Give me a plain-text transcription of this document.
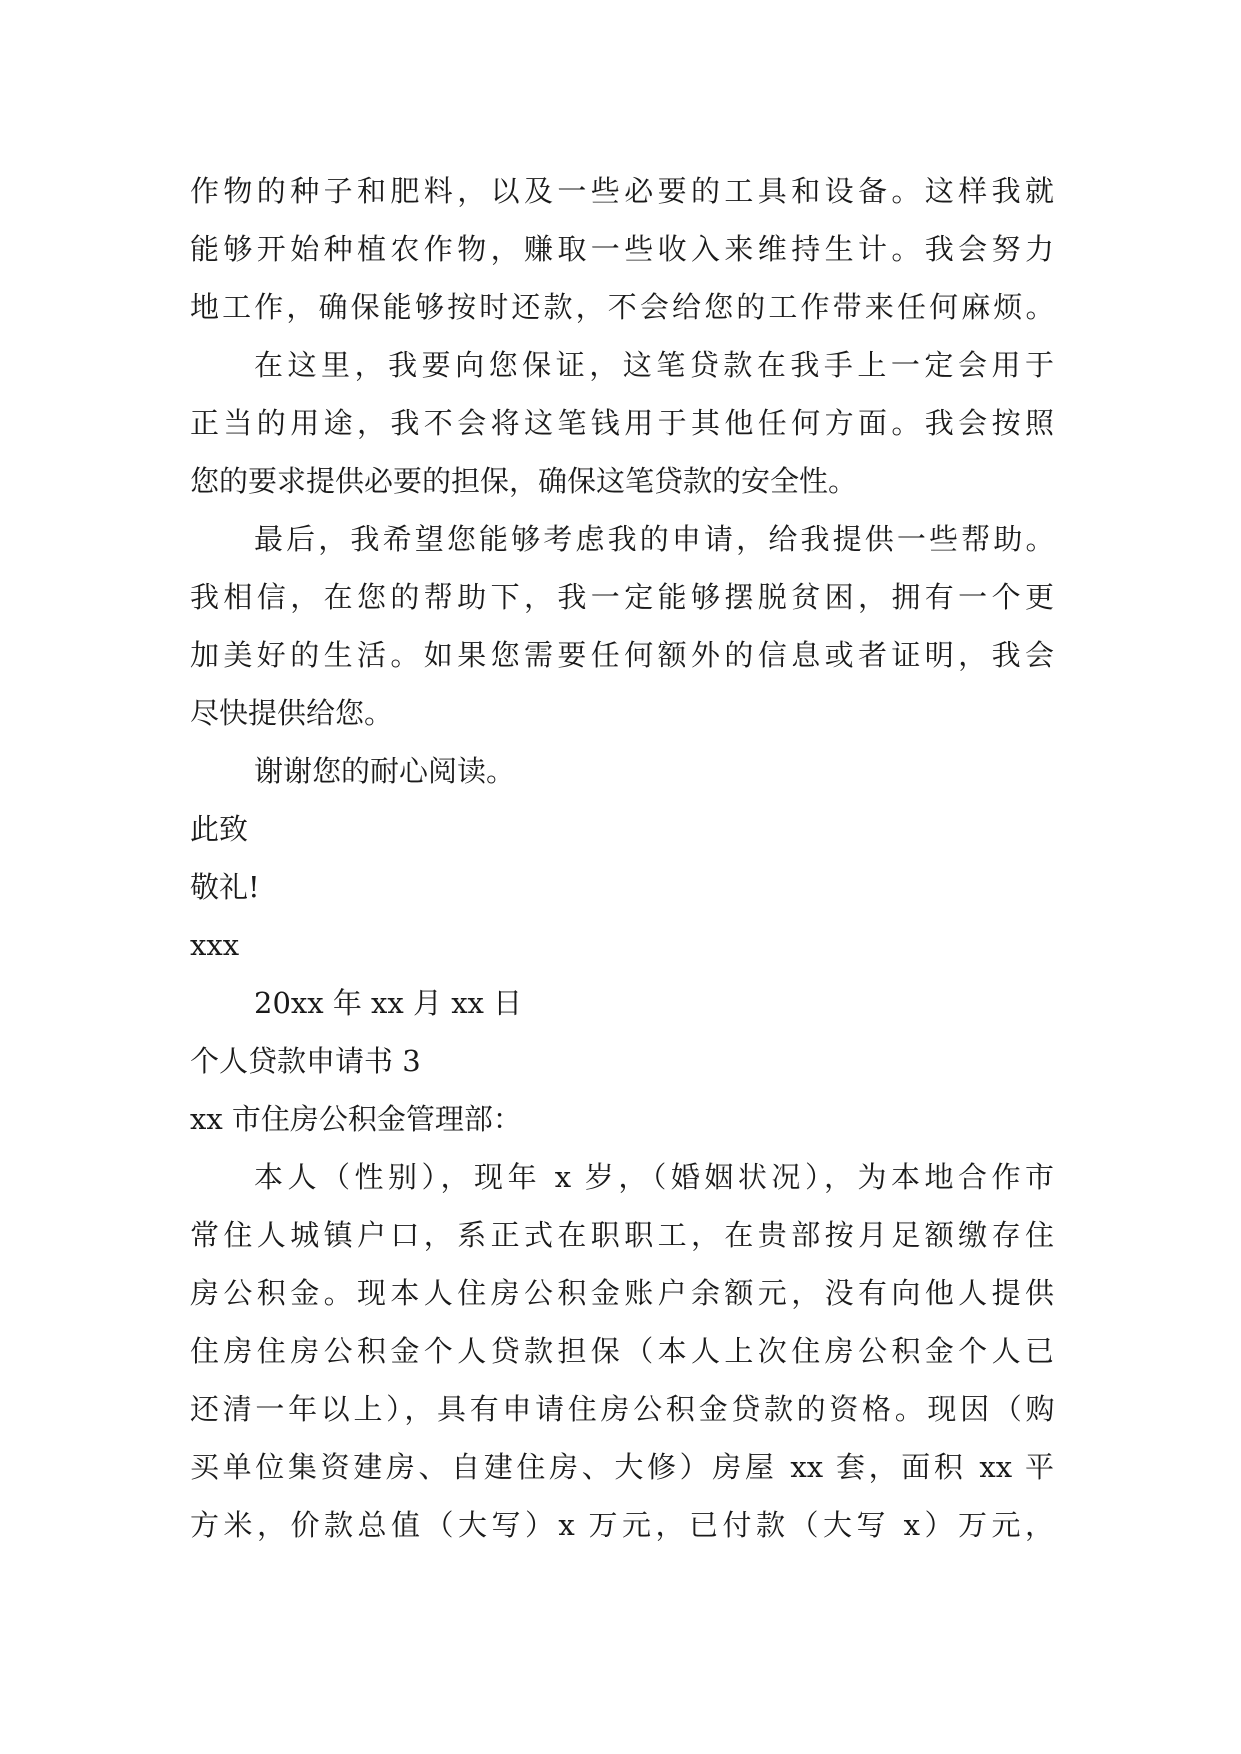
作物的种子和肥料，以及一些必要的工具和设备。这样我就
能够开始种植农作物，赚取一些收入来维持生计。我会努力
地工作，确保能够按时还款，不会给您的工作带来任何麻烦。
在这里，我要向您保证，这笔贷款在我手上一定会用于
正当的用途，我不会将这笔钱用于其他任何方面。我会按照
您的要求提供必要的担保，确保这笔贷款的安全性。
最后，我希望您能够考虑我的申请，给我提供一些帮助。
我相信，在您的帮助下，我一定能够摆脱贫困，拥有一个更
加美好的生活。如果您需要任何额外的信息或者证明，我会
尽快提供给您。
谢谢您的耐心阅读。
此致
敬礼!
xxx
20xx 年 xx 月 xx 日
个人贷款申请书 3
xx 市住房公积金管理部：
本人（性别），现年 x 岁，（婚姻状况），为本地合作市
常住人城镇户口，系正式在职职工，在贵部按月足额缴存住
房公积金。现本人住房公积金账户余额元，没有向他人提供
住房住房公积金个人贷款担保（本人上次住房公积金个人已
还清一年以上），具有申请住房公积金贷款的资格。现因（购
买单位集资建房、自建住房、大修）房屋 xx 套，面积 xx 平
方米，价款总值（大写）x 万元，已付款（大写 x）万元，
